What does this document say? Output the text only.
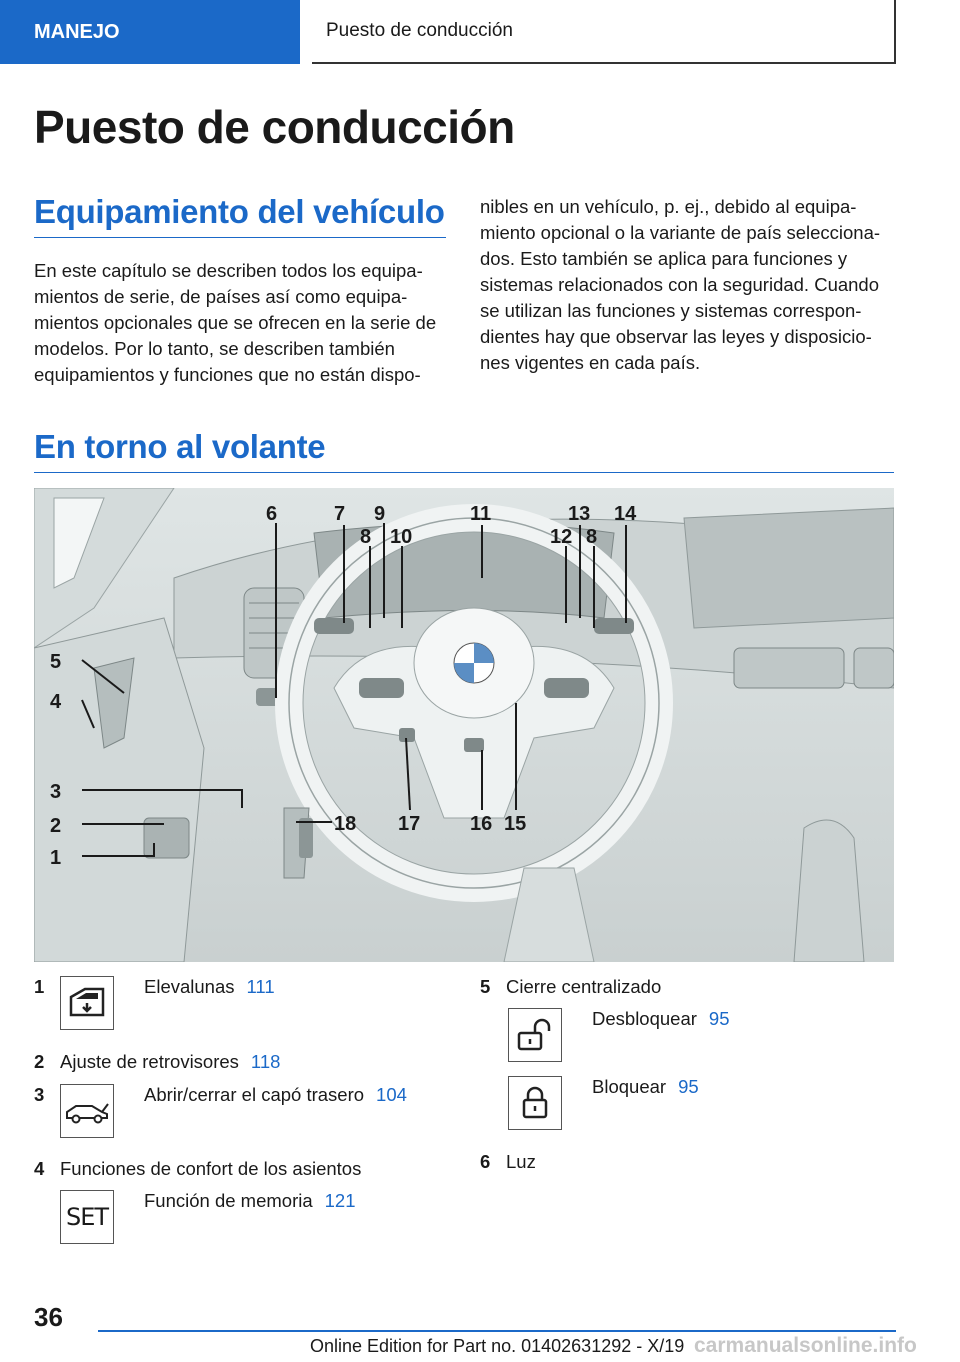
MANEJO	Puesto de conducción
Puesto de conducción
Equipamiento del vehículo

En este capítulo se describen todos los equipa-mientos de serie, de países así como equipa-mientos opcionales que se ofrecen en la serie de modelos. Por lo tanto, se describen también equipamientos y funciones que no están dispo-

nibles en un vehículo, p. ej., debido al equipa-miento opcional o la variante de país selecciona-dos. Esto también se aplica para funciones y sistemas relacionados con la seguridad. Cuando se utilizan las funciones y sistemas correspon-dientes hay que observar las leyes y disposicio-nes vigentes en cada país.

En torno al volante
1
2
3
4
5
6	7
8
9
10
11
12
13
8
14
15
16
17
18
1	Elevalunas 111
2 Ajuste de retrovisores 118
3	Abrir/cerrar el capó trasero 104
4 Funciones de confort de los asientos
SET
Función de memoria 121
5 Cierre centralizado
Desbloquear 95
Bloquear 95
6 Luz
36
Online Edition for Part no. 01402631292 - X/19 carmanualsonline.info
